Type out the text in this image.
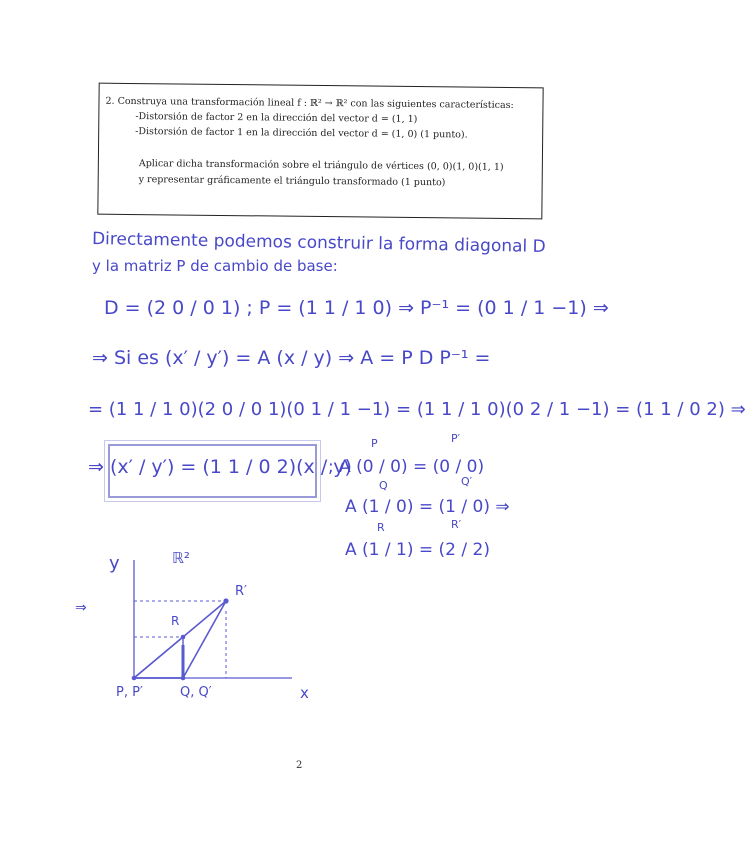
2. Construya una transformación lineal f : ℝ² → ℝ² con las siguientes características:
-Distorsión de factor 2 en la dirección del vector d = (1, 1)
-Distorsión de factor 1 en la dirección del vector d = (1, 0) (1 punto).
Aplicar dicha transformación sobre el triángulo de vértices (0, 0)(1, 0)(1, 1)
y representar gráficamente el triángulo transformado (1 punto)
Directamente podemos construir la forma diagonal D
y la matriz P de cambio de base:
D = (2 0 / 0 1) ; P = (1 1 / 1 0) ⇒ P⁻¹ = (0 1 / 1 −1) ⇒
⇒ Si es (x′ / y′) = A (x / y) ⇒ A = P D P⁻¹ =
= (1 1 / 1 0)(2 0 / 0 1)(0 1 / 1 −1) = (1 1 / 1 0)(0 2 / 1 −1) = (1 1 / 0 2) ⇒
⇒ (x′ / y′) = (1 1 / 0 2)(x / y)
; A (0 / 0) = (0 / 0)
A (1 / 0) = (1 / 0) ⇒
A (1 / 1) = (2 / 2)
P	P′
Q	Q′
R	R′
y	ℝ²
⇒
R
R′
P, P′	Q, Q′	x
2
